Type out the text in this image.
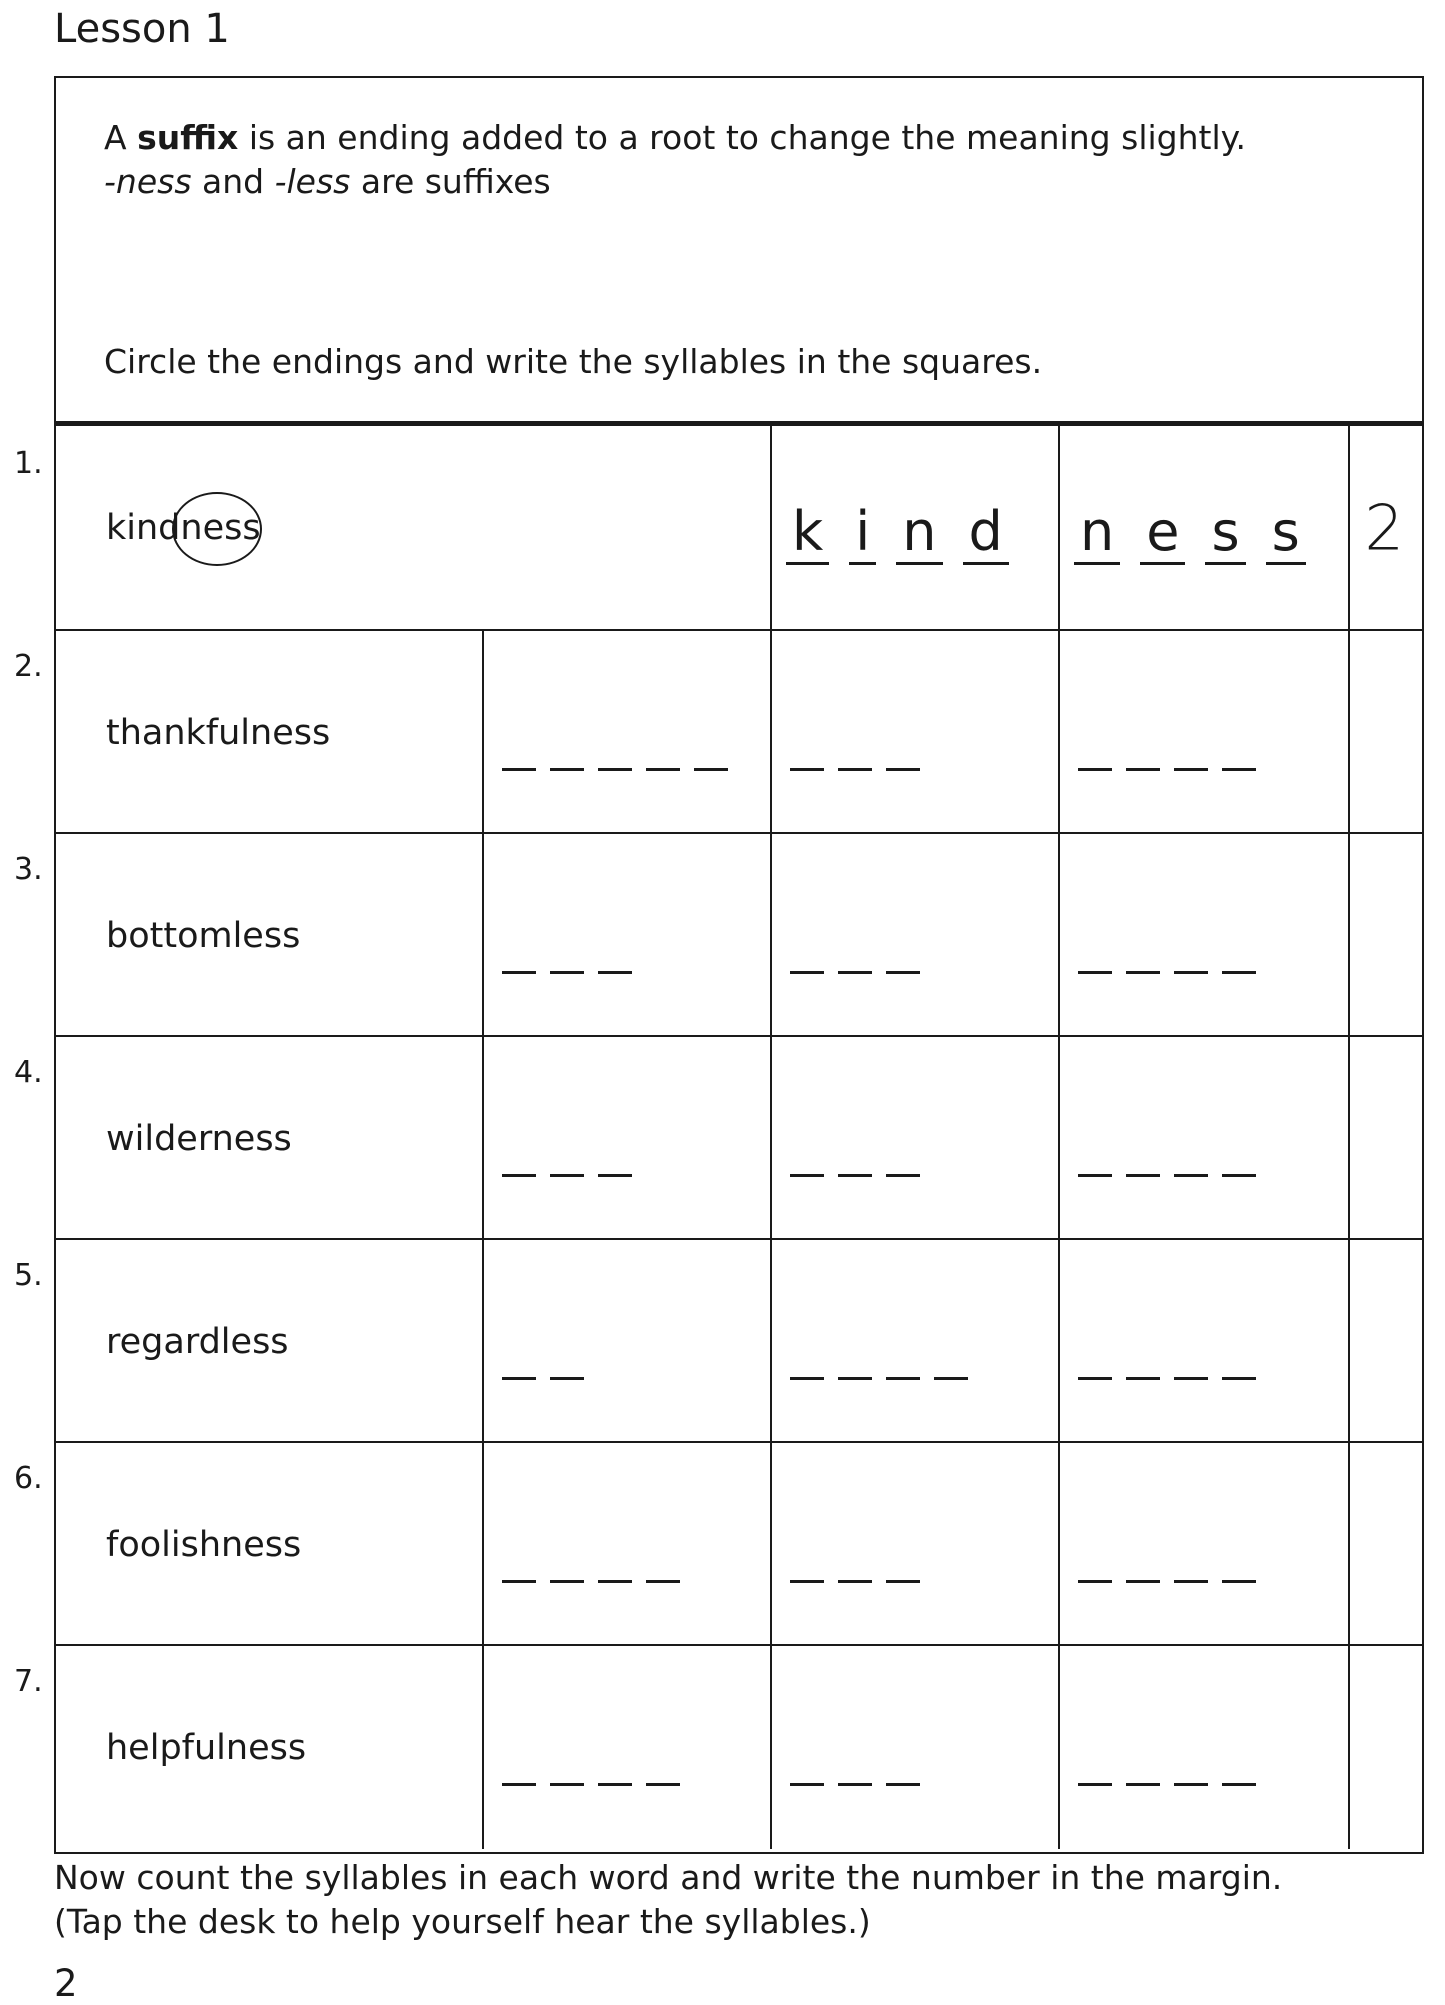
Lesson 1
A suffix is an ending added to a root to change the meaning slightly.
-ness and -less are suffixes
Circle the endings and write the syllables in the squares.
kindness	k i n d n e s s 2
thankfulness
bottomless
wilderness
regardless
foolishness
helpfulness
1.
2.
3.
4.
5.
6.
7.
Now count the syllables in each word and write the number in the margin.
(Tap the desk to help yourself hear the syllables.)
2
